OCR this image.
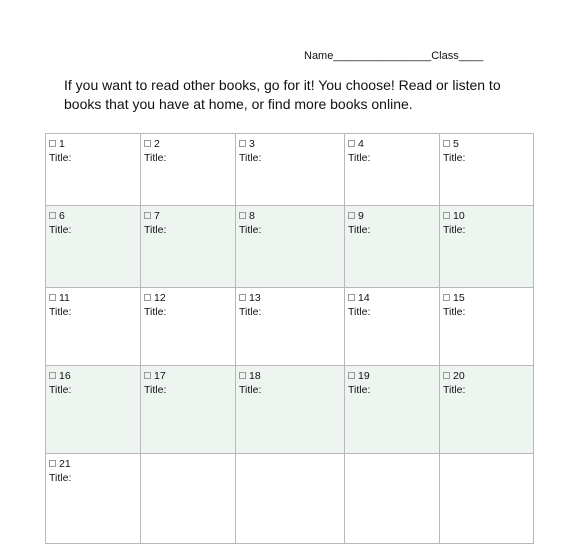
Name________________Class____
If you want to read other books, go for it! You choose! Read or listen to books that you have at home, or find more books online.
1
Title:	2
Title:	3
Title:	4
Title:	5
Title:

6
Title:	7
Title:	8
Title:	9
Title:	10
Title:

11
Title:	12
Title:	13
Title:	14
Title:	15
Title:

16
Title:	17
Title:	18
Title:	19
Title:	20
Title:

21
Title:				
